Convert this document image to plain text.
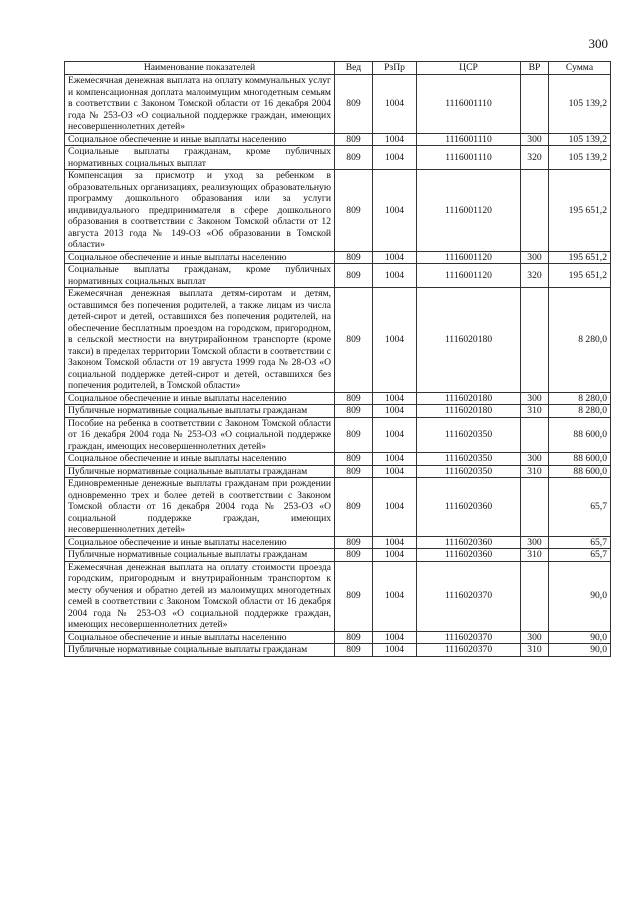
300
Наименование показателей	Вед	РзПр	ЦСР	ВР	Сумма
Ежемесячная денежная выплата на оплату коммунальных услуг и компенсационная доплата малоимущим многодетным семьям в соответствии с Законом Томской области от 16 декабря 2004 года № 253-ОЗ «О социальной поддержке граждан, имеющих несовершеннолетних детей»	809	1004	1116001110		105 139,2
Социальное обеспечение и иные выплаты населению	809	1004	1116001110	300	105 139,2
Социальные выплаты гражданам, кроме публичных нормативных социальных выплат	809	1004	1116001110	320	105 139,2
Компенсация за присмотр и уход за ребенком в образовательных организациях, реализующих образовательную программу дошкольного образования или за услуги индивидуального предпринимателя в сфере дошкольного образования в соответствии с Законом Томской области от 12 августа 2013 года № 149-ОЗ «Об образовании в Томской области»	809	1004	1116001120		195 651,2
Социальное обеспечение и иные выплаты населению	809	1004	1116001120	300	195 651,2
Социальные выплаты гражданам, кроме публичных нормативных социальных выплат	809	1004	1116001120	320	195 651,2
Ежемесячная денежная выплата детям-сиротам и детям, оставшимся без попечения родителей, а также лицам из числа детей-сирот и детей, оставшихся без попечения родителей, на обеспечение бесплатным проездом на городском, пригородном, в сельской местности на внутрирайонном транспорте (кроме такси) в пределах территории Томской области в соответствии с Законом Томской области от 19 августа 1999 года № 28-ОЗ «О социальной поддержке детей-сирот и детей, оставшихся без попечения родителей, в Томской области»	809	1004	1116020180		8 280,0
Социальное обеспечение и иные выплаты населению	809	1004	1116020180	300	8 280,0
Публичные нормативные социальные выплаты гражданам	809	1004	1116020180	310	8 280,0
Пособие на ребенка в соответствии с Законом Томской области от 16 декабря 2004 года № 253-ОЗ «О социальной поддержке граждан, имеющих несовершеннолетних детей»	809	1004	1116020350		88 600,0
Социальное обеспечение и иные выплаты населению	809	1004	1116020350	300	88 600,0
Публичные нормативные социальные выплаты гражданам	809	1004	1116020350	310	88 600,0
Единовременные денежные выплаты гражданам при рождении одновременно трех и более детей в соответствии с Законом Томской области от 16 декабря 2004 года № 253-ОЗ «О социальной поддержке граждан, имеющих несовершеннолетних детей»	809	1004	1116020360		65,7
Социальное обеспечение и иные выплаты населению	809	1004	1116020360	300	65,7
Публичные нормативные социальные выплаты гражданам	809	1004	1116020360	310	65,7
Ежемесячная денежная выплата на оплату стоимости проезда городским, пригородным и внутрирайонным транспортом к месту обучения и обратно детей из малоимущих многодетных семей в соответствии с Законом Томской области от 16 декабря 2004 года № 253-ОЗ «О социальной поддержке граждан, имеющих несовершеннолетних детей»	809	1004	1116020370		90,0
Социальное обеспечение и иные выплаты населению	809	1004	1116020370	300	90,0
Публичные нормативные социальные выплаты гражданам	809	1004	1116020370	310	90,0
